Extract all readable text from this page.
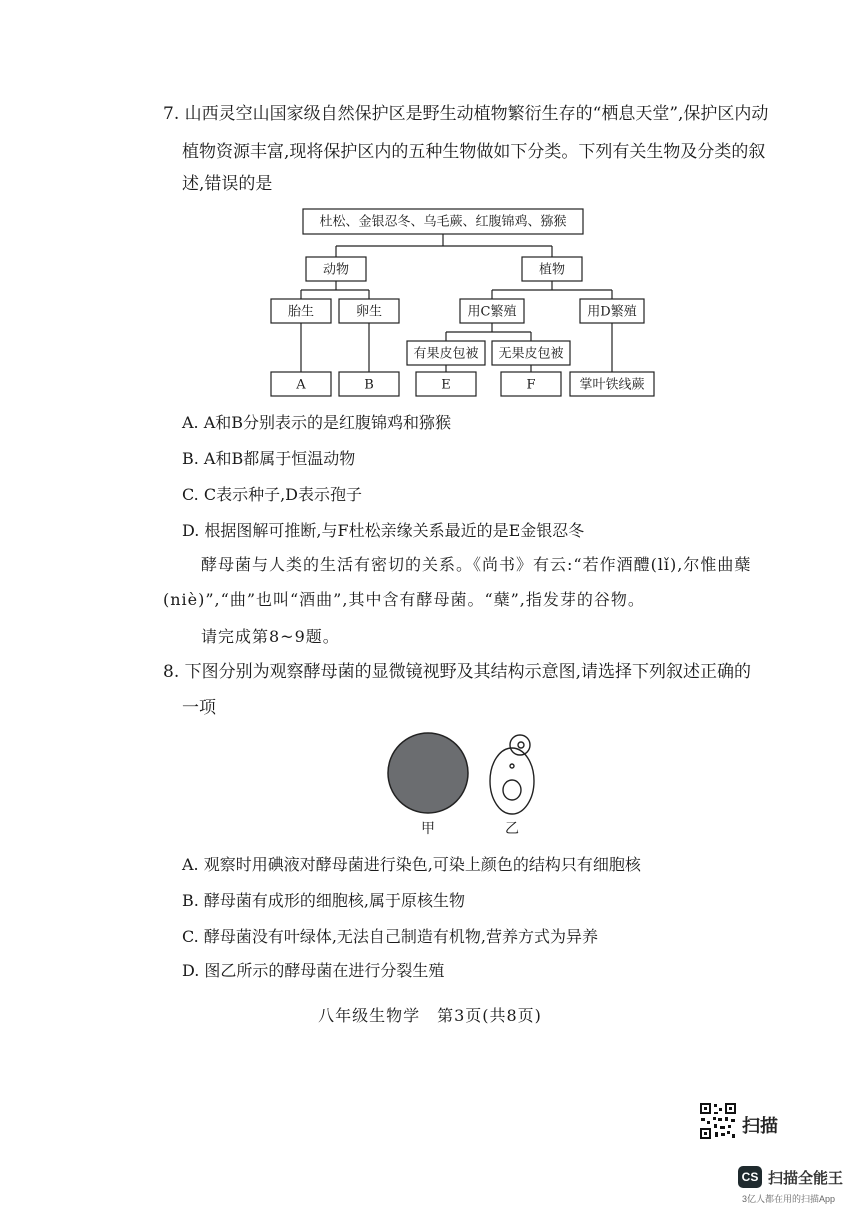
7. 山西灵空山国家级自然保护区是野生动植物繁衍生存的“栖息天堂”,保护区内动
植物资源丰富,现将保护区内的五种生物做如下分类。下列有关生物及分类的叙
述,错误的是
杜松、金银忍冬、乌毛蕨、红腹锦鸡、猕猴
动物	植物
胎生	卵生	用C繁殖	用D繁殖
有果皮包被 无果皮包被
A	B	E	F	掌叶铁线蕨
甲	乙
A. A和B分别表示的是红腹锦鸡和猕猴
B. A和B都属于恒温动物
C. C表示种子,D表示孢子
D. 根据图解可推断,与F杜松亲缘关系最近的是E金银忍冬
酵母菌与人类的生活有密切的关系。《尚书》有云:“若作酒醴(lǐ),尔惟曲蘖
(niè)”,“曲”也叫“酒曲”,其中含有酵母菌。“蘖”,指发芽的谷物。
请完成第8~9题。
8. 下图分别为观察酵母菌的显微镜视野及其结构示意图,请选择下列叙述正确的
一项
A. 观察时用碘液对酵母菌进行染色,可染上颜色的结构只有细胞核
B. 酵母菌有成形的细胞核,属于原核生物
C. 酵母菌没有叶绿体,无法自己制造有机物,营养方式为异养
D. 图乙所示的酵母菌在进行分裂生殖
八年级生物学　第3页(共8页)
扫描
CS 扫描全能王
3亿人都在用的扫描App
